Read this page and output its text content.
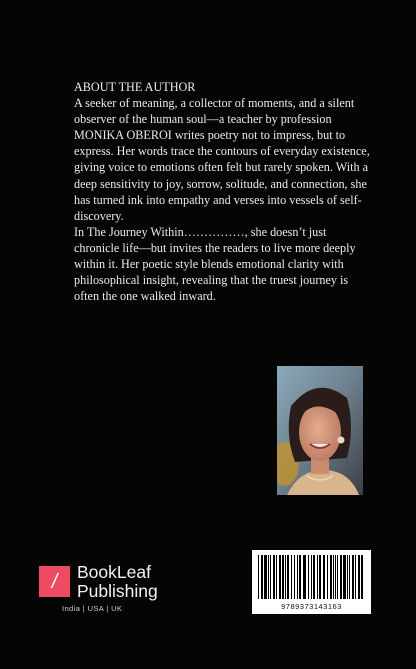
ABOUT THE AUTHOR

A seeker of meaning, a collector of moments, and a silent observer of the human soul—a teacher by profession MONIKA OBEROI writes poetry not to impress, but to express. Her words trace the contours of everyday existence, giving voice to emotions often felt but rarely spoken. With a deep sensitivity to joy, sorrow, solitude, and connection, she has turned ink into empathy and verses into vessels of self-discovery.

In The Journey Within……………, she doesn’t just chronicle life—but invites the readers to live more deeply within it. Her poetic style blends emotional clarity with philosophical insight, revealing that the truest journey is often the one walked inward.

/	BookLeaf
Publishing
India | USA | UK	9789373143163
